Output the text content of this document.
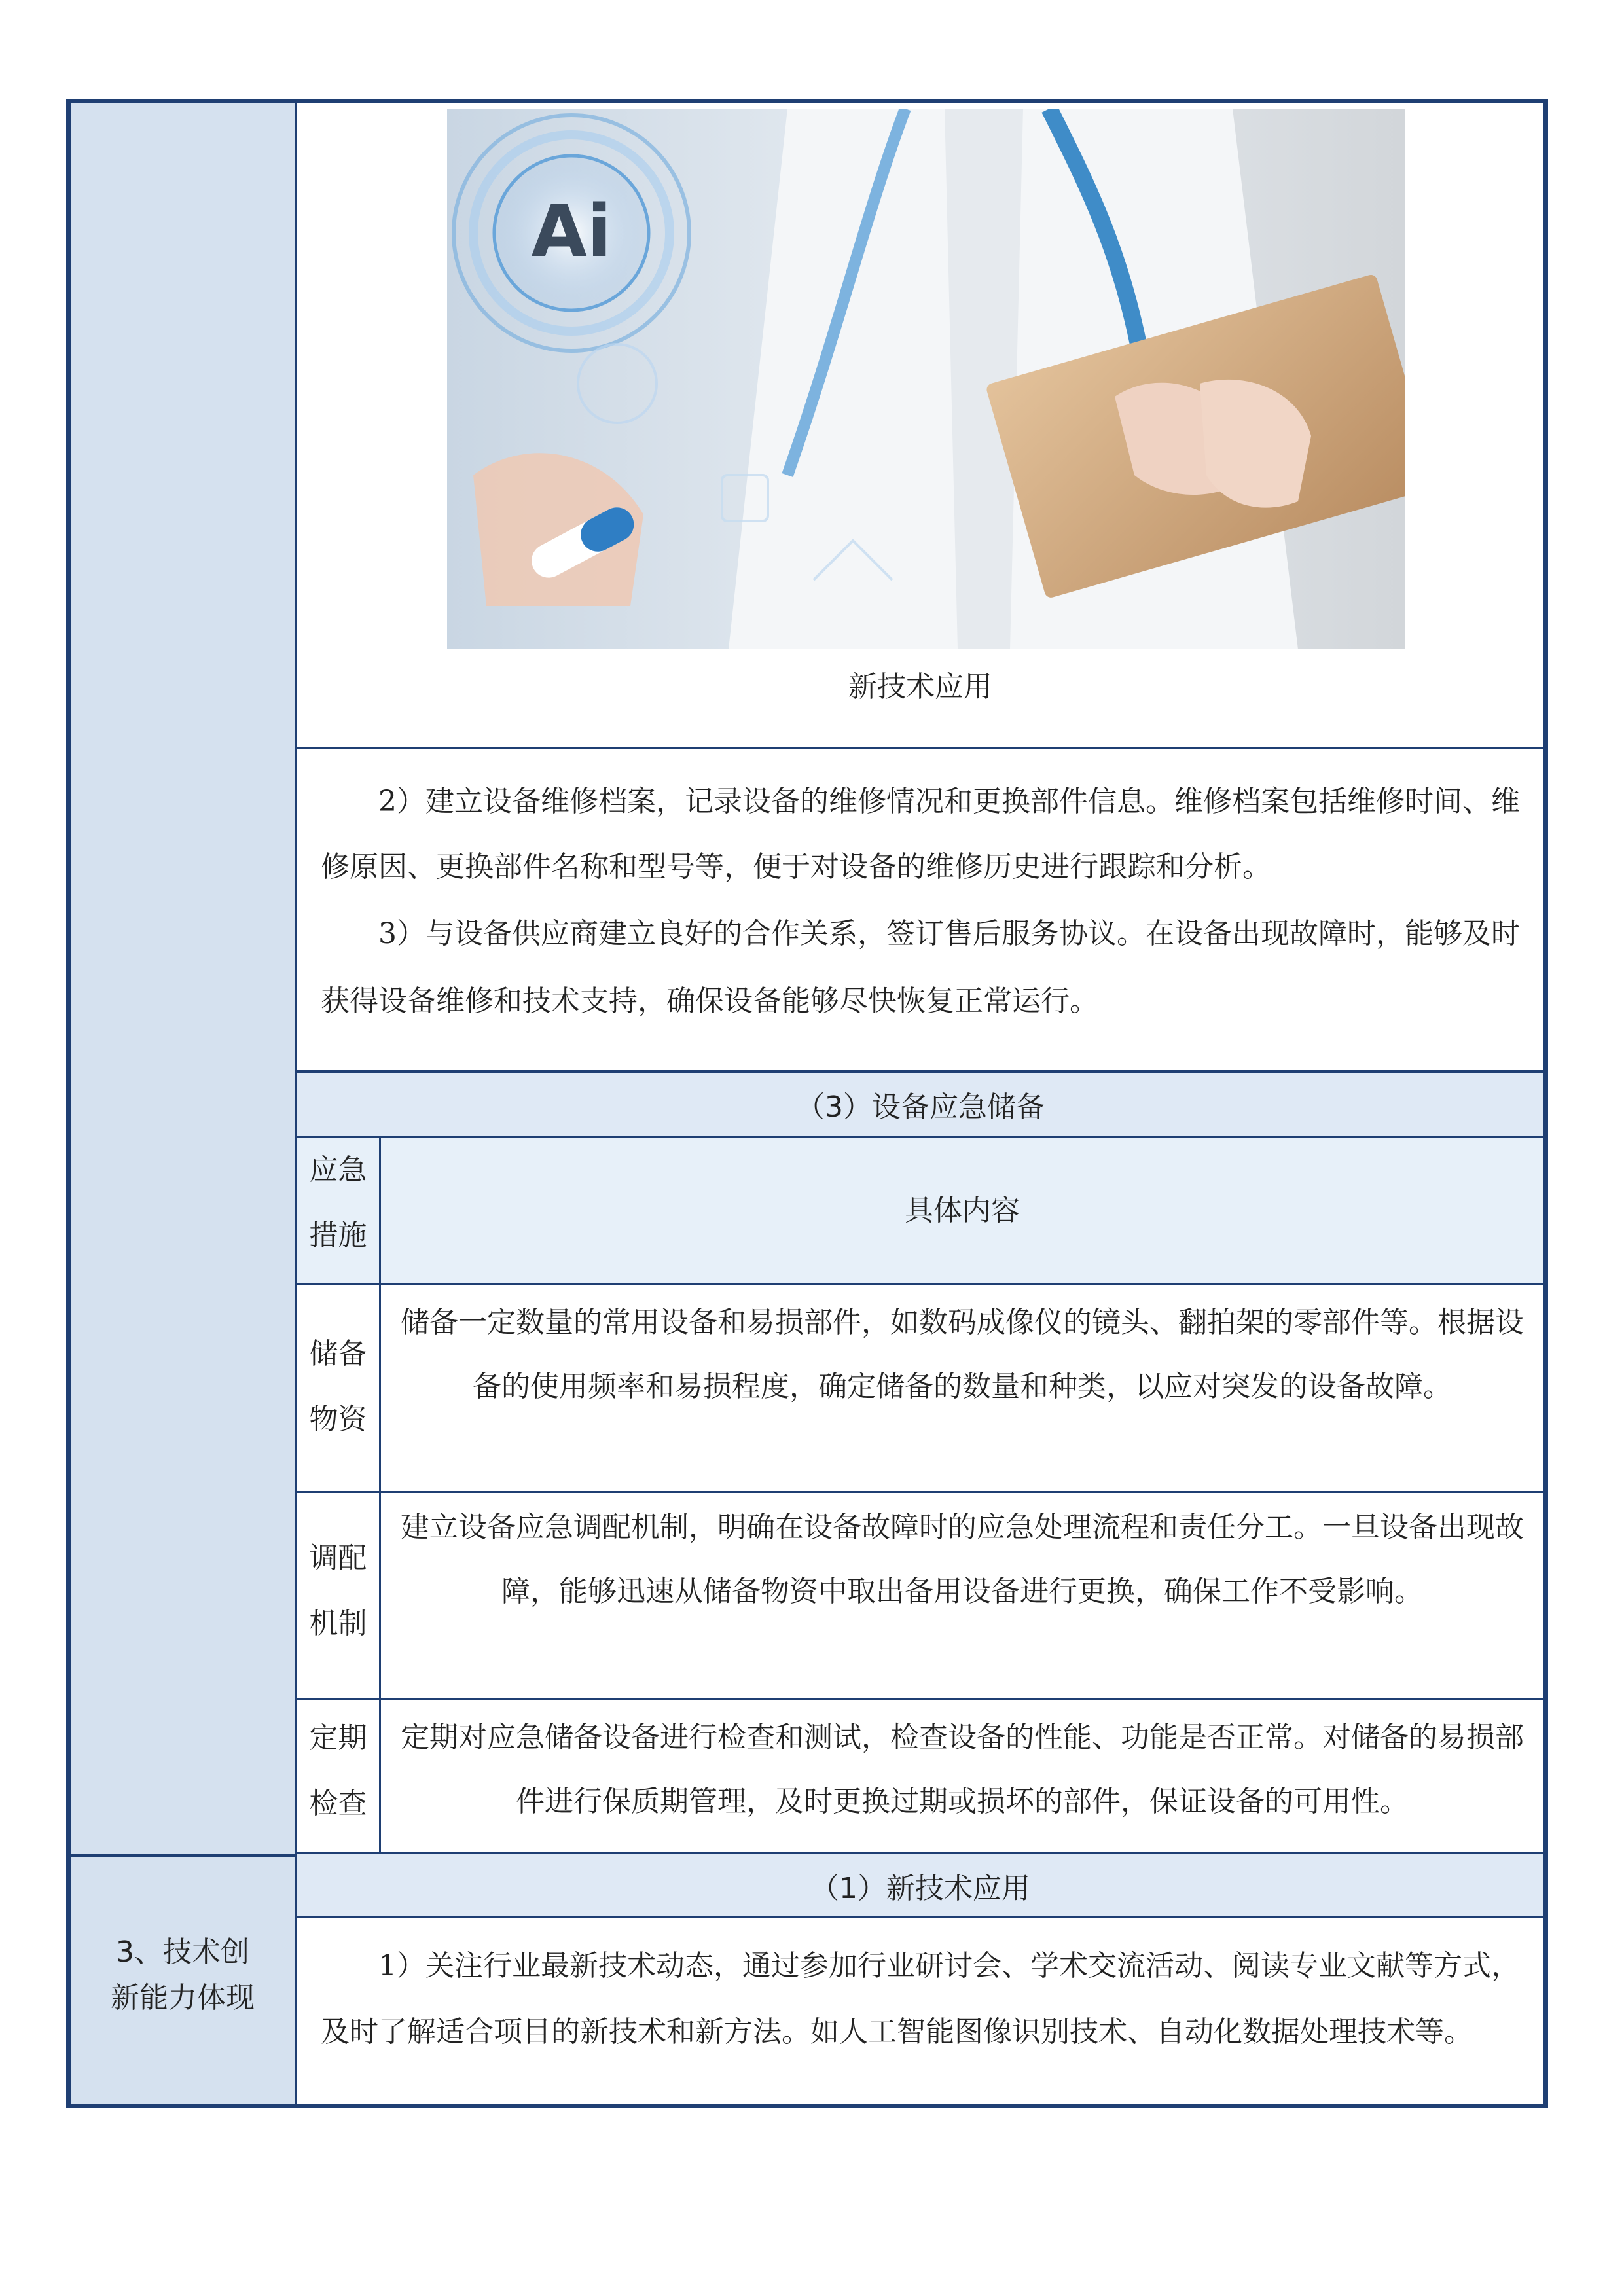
3、技术创
新能力体现
Ai
新技术应用

2）建立设备维修档案，记录设备的维修情况和更换部件信息。维修档案包括维修时间、维修原因、更换部件名称和型号等，便于对设备的维修历史进行跟踪和分析。

3）与设备供应商建立良好的合作关系，签订售后服务协议。在设备出现故障时，能够及时获得设备维修和技术支持，确保设备能够尽快恢复正常运行。

（3）设备应急储备
应急
措施
具体内容
储备
物资
储备一定数量的常用设备和易损部件，如数码成像仪的镜头、翻拍架的零部件等。根据设备的使用频率和易损程度，确定储备的数量和种类，以应对突发的设备故障。
调配
机制
建立设备应急调配机制，明确在设备故障时的应急处理流程和责任分工。一旦设备出现故障，能够迅速从储备物资中取出备用设备进行更换，确保工作不受影响。
定期
检查
定期对应急储备设备进行检查和测试，检查设备的性能、功能是否正常。对储备的易损部件进行保质期管理，及时更换过期或损坏的部件，保证设备的可用性。
（1）新技术应用

1）关注行业最新技术动态，通过参加行业研讨会、学术交流活动、阅读专业文献等方式，及时了解适合项目的新技术和新方法。如人工智能图像识别技术、自动化数据处理技术等。
